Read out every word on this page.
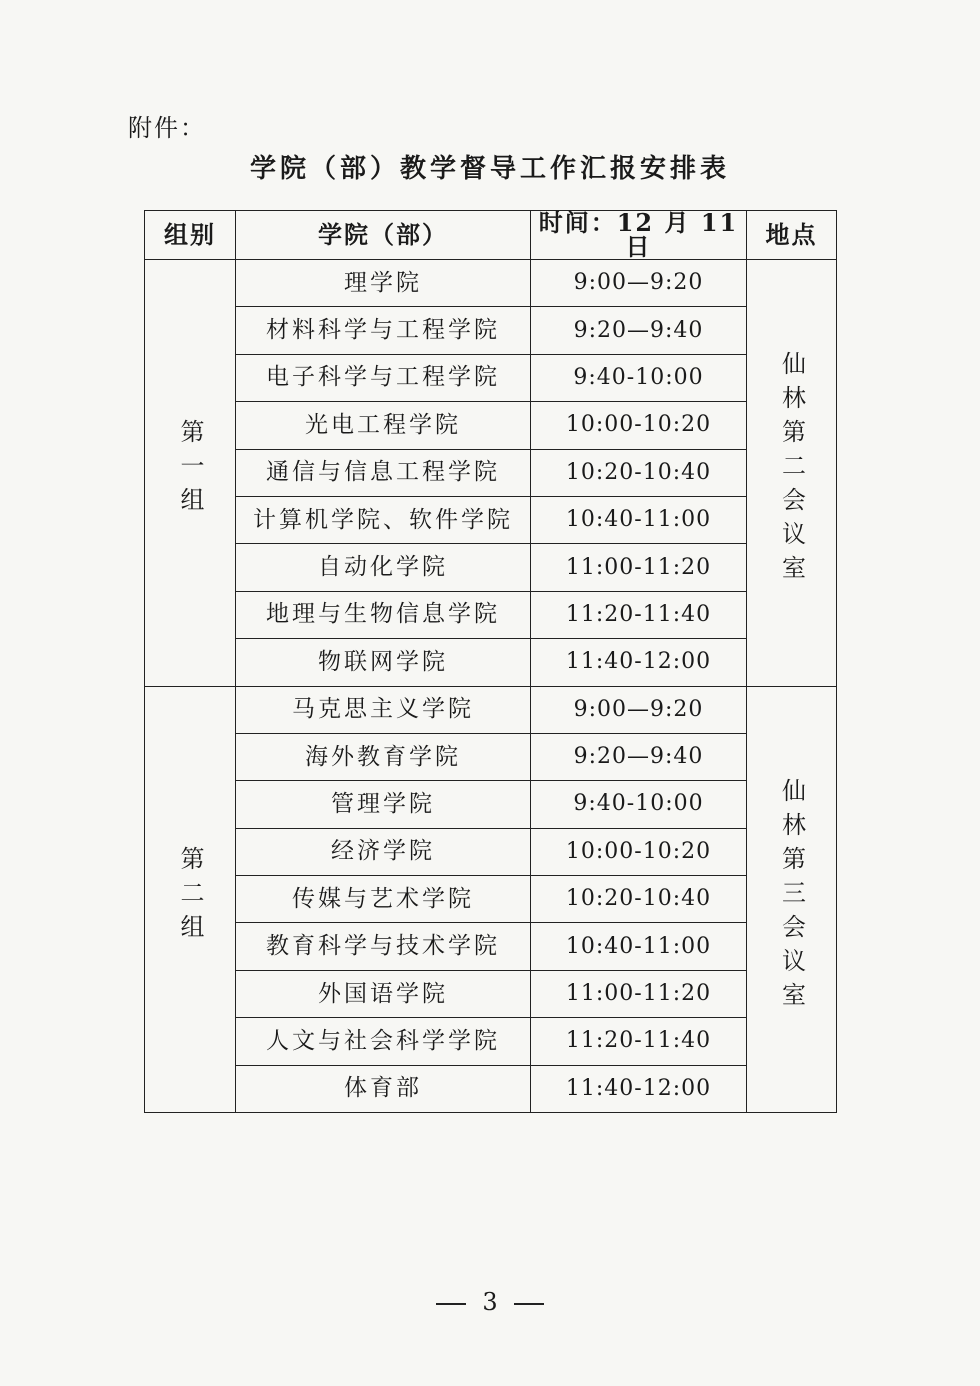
附件：
学院（部）教学督导工作汇报安排表
组别	学院（部）	时间：12 月 11 日	地点
第一组	理学院	9:00—9:20	仙林第二会议室
	材料科学与工程学院	9:20—9:40	
	电子科学与工程学院	9:40-10:00	
	光电工程学院	10:00-10:20	
	通信与信息工程学院	10:20-10:40	
	计算机学院、软件学院	10:40-11:00	
	自动化学院	11:00-11:20	
	地理与生物信息学院	11:20-11:40	
	物联网学院	11:40-12:00	
第二组	马克思主义学院	9:00—9:20	仙林第三会议室
	海外教育学院	9:20—9:40	
	管理学院	9:40-10:00	
	经济学院	10:00-10:20	
	传媒与艺术学院	10:20-10:40	
	教育科学与技术学院	10:40-11:00	
	外国语学院	11:00-11:20	
	人文与社会科学学院	11:20-11:40	
	体育部	11:40-12:00	
3
